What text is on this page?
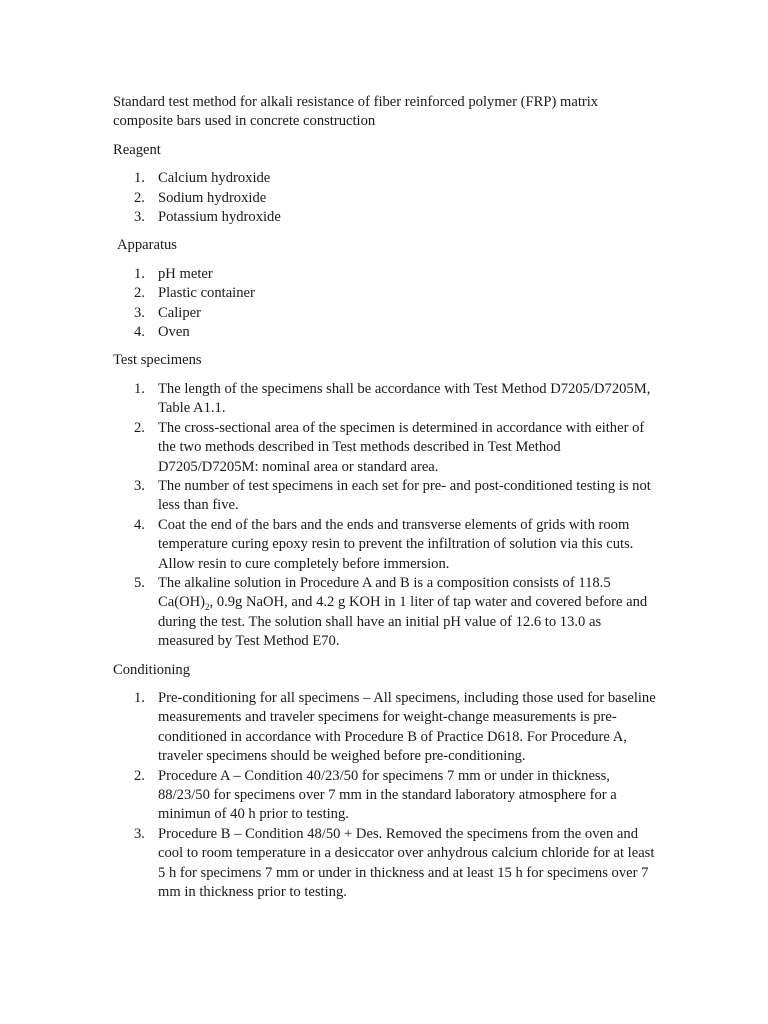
Standard test method for alkali resistance of fiber reinforced polymer (FRP) matrix composite bars used in concrete construction

Reagent

1. Calcium hydroxide
2. Sodium hydroxide
3. Potassium hydroxide

Apparatus

1. pH meter
2. Plastic container
3. Caliper
4. Oven

Test specimens

1. The length of the specimens shall be accordance with Test Method D7205/D7205M, Table A1.1.
2. The cross-sectional area of the specimen is determined in accordance with either of the two methods described in Test methods described in Test Method D7205/D7205M: nominal area or standard area.
3. The number of test specimens in each set for pre- and post-conditioned testing is not less than five.
4. Coat the end of the bars and the ends and transverse elements of grids with room temperature curing epoxy resin to prevent the infiltration of solution via this cuts. Allow resin to cure completely before immersion.
5. The alkaline solution in Procedure A and B is a composition consists of 118.5 $Ca(OH)_2$, 0.9g NaOH, and 4.2 g KOH in 1 liter of tap water and covered before and during the test. The solution shall have an initial pH value of 12.6 to 13.0 as measured by Test Method E70.

Conditioning

1. Pre-conditioning for all specimens – All specimens, including those used for baseline measurements and traveler specimens for weight-change measurements is pre-conditioned in accordance with Procedure B of Practice D618. For Procedure A, traveler specimens should be weighed before pre-conditioning.
2. Procedure A – Condition 40/23/50 for specimens 7 mm or under in thickness, 88/23/50 for specimens over 7 mm in the standard laboratory atmosphere for a minimun of 40 h prior to testing.
3. Procedure B – Condition 48/50 + Des. Removed the specimens from the oven and cool to room temperature in a desiccator over anhydrous calcium chloride for at least 5 h for specimens 7 mm or under in thickness and at least 15 h for specimens over 7 mm in thickness prior to testing.
